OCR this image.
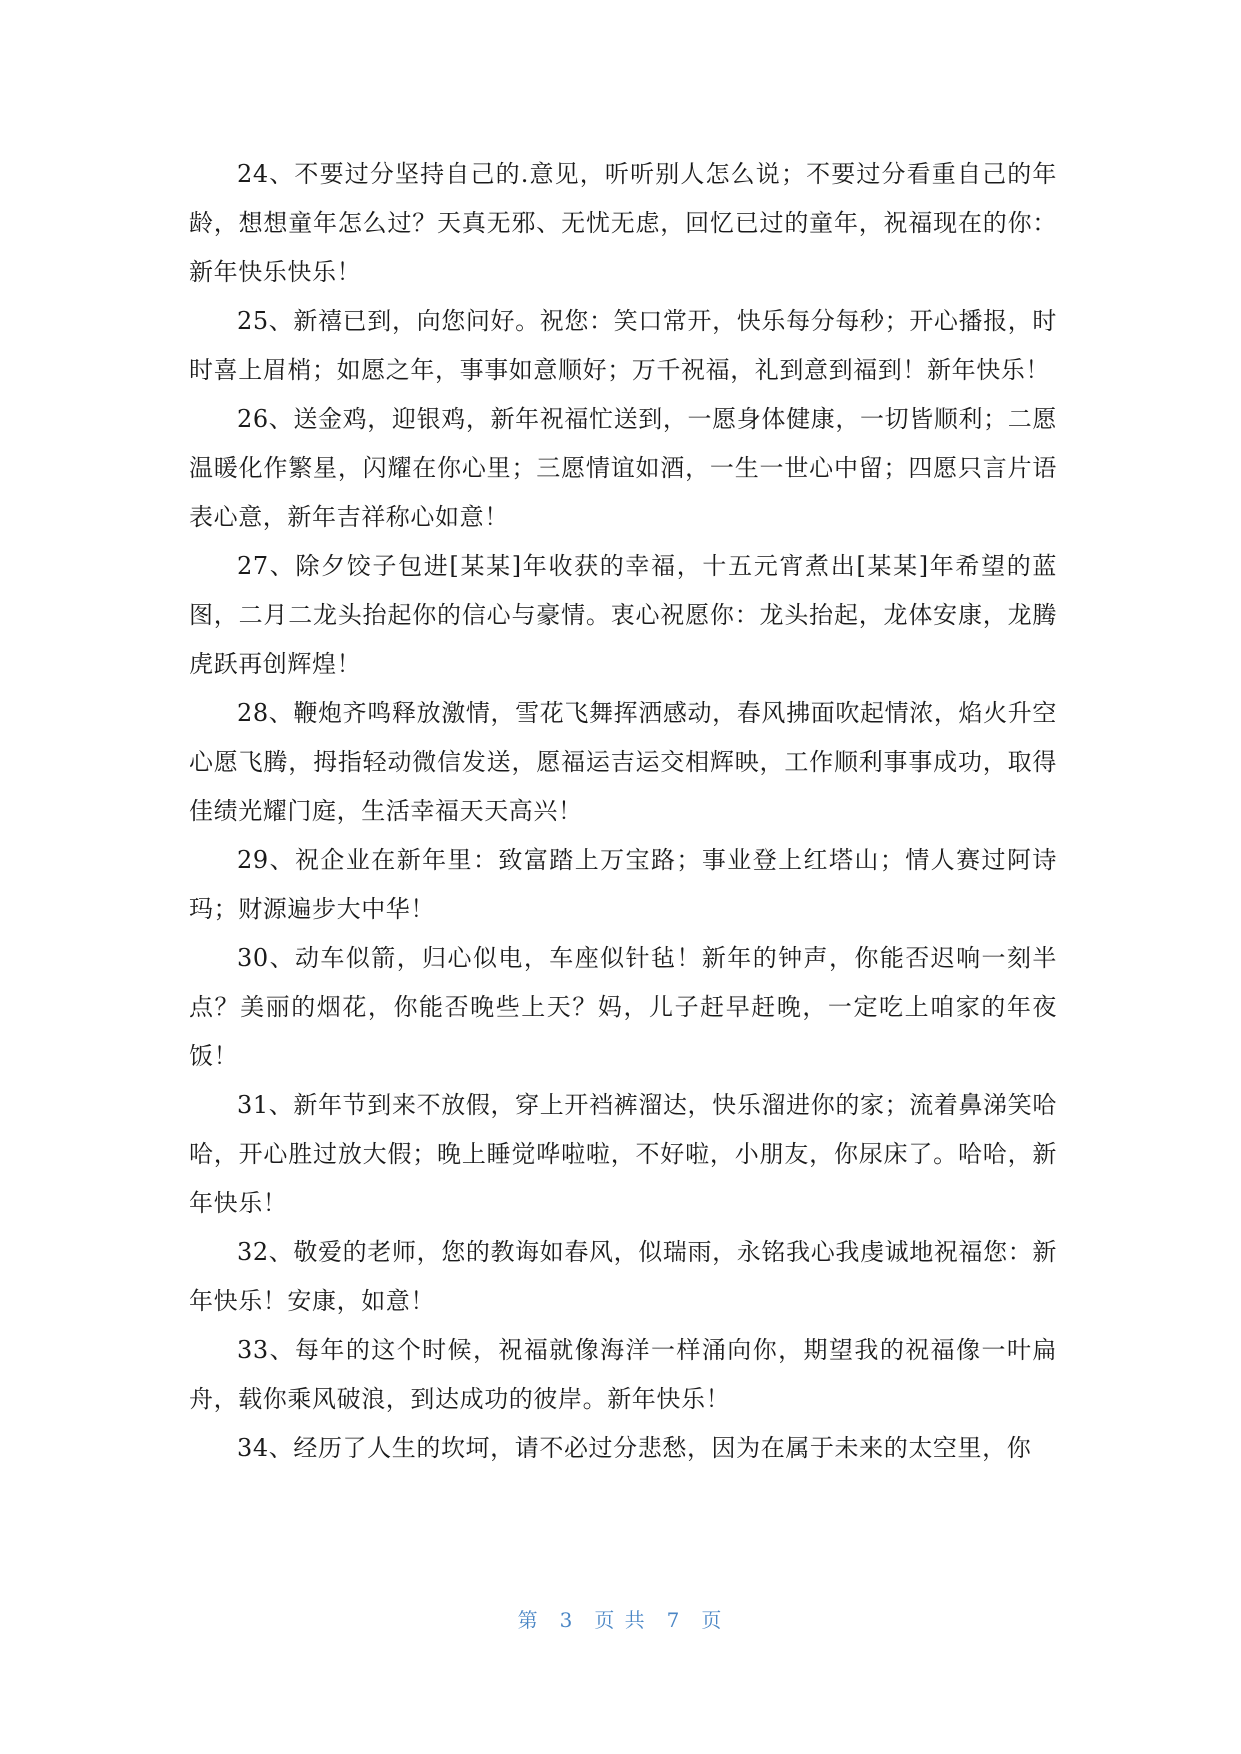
24、不要过分坚持自己的.意见，听听别人怎么说；不要过分看重自己的年龄，想想童年怎么过？天真无邪、无忧无虑，回忆已过的童年，祝福现在的你：新年快乐快乐！

25、新禧已到，向您问好。祝您：笑口常开，快乐每分每秒；开心播报，时时喜上眉梢；如愿之年，事事如意顺好；万千祝福，礼到意到福到！新年快乐！

26、送金鸡，迎银鸡，新年祝福忙送到，一愿身体健康，一切皆顺利；二愿温暖化作繁星，闪耀在你心里；三愿情谊如酒，一生一世心中留；四愿只言片语表心意，新年吉祥称心如意！

27、除夕饺子包进[某某]年收获的幸福，十五元宵煮出[某某]年希望的蓝图，二月二龙头抬起你的信心与豪情。衷心祝愿你：龙头抬起，龙体安康，龙腾虎跃再创辉煌！

28、鞭炮齐鸣释放激情，雪花飞舞挥洒感动，春风拂面吹起情浓，焰火升空心愿飞腾，拇指轻动微信发送，愿福运吉运交相辉映，工作顺利事事成功，取得佳绩光耀门庭，生活幸福天天高兴！

29、祝企业在新年里：致富踏上万宝路；事业登上红塔山；情人赛过阿诗玛；财源遍步大中华！

30、动车似箭，归心似电，车座似针毡！新年的钟声，你能否迟响一刻半点？美丽的烟花，你能否晚些上天？妈，儿子赶早赶晚，一定吃上咱家的年夜饭！

31、新年节到来不放假，穿上开裆裤溜达，快乐溜进你的家；流着鼻涕笑哈哈，开心胜过放大假；晚上睡觉哗啦啦，不好啦，小朋友，你尿床了。哈哈，新年快乐！

32、敬爱的老师，您的教诲如春风，似瑞雨，永铭我心我虔诚地祝福您：新年快乐！安康，如意！

33、每年的这个时候，祝福就像海洋一样涌向你，期望我的祝福像一叶扁舟，载你乘风破浪，到达成功的彼岸。新年快乐！

34、经历了人生的坎坷，请不必过分悲愁，因为在属于未来的太空里，你

第 3 页 共 7 页
